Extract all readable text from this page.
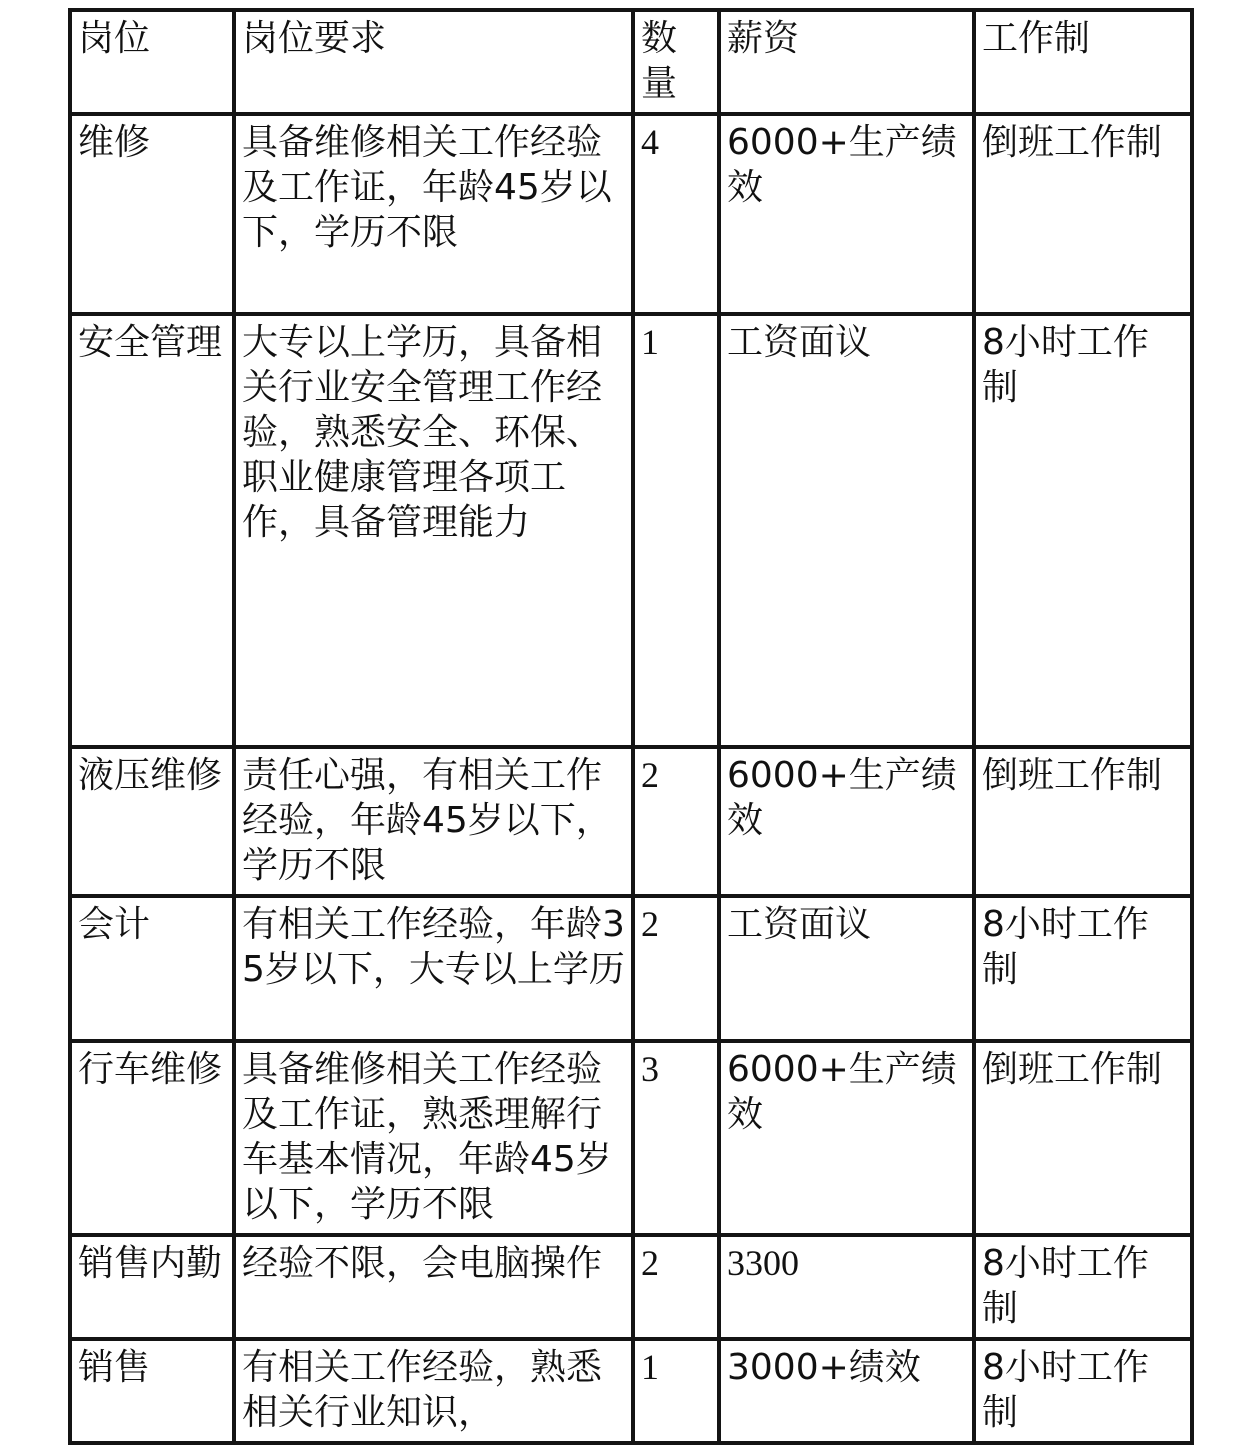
岗位	岗位要求	数量	薪资	工作制
维修	具备维修相关工作经验及工作证，年龄45岁以下，学历不限	4	6000+生产绩效	倒班工作制
安全管理	大专以上学历，具备相关行业安全管理工作经验，熟悉安全、环保、职业健康管理各项工作，具备管理能力	1	工资面议	8小时工作制
液压维修	责任心强，有相关工作经验，年龄45岁以下，学历不限	2	6000+生产绩效	倒班工作制
会计	有相关工作经验，年龄35岁以下，大专以上学历	2	工资面议	8小时工作制
行车维修	具备维修相关工作经验及工作证，熟悉理解行车基本情况，年龄45岁以下，学历不限	3	6000+生产绩效	倒班工作制
销售内勤	经验不限，会电脑操作	2	3300	8小时工作制
销售	有相关工作经验，熟悉相关行业知识，	1	3000+绩效	8小时工作制
